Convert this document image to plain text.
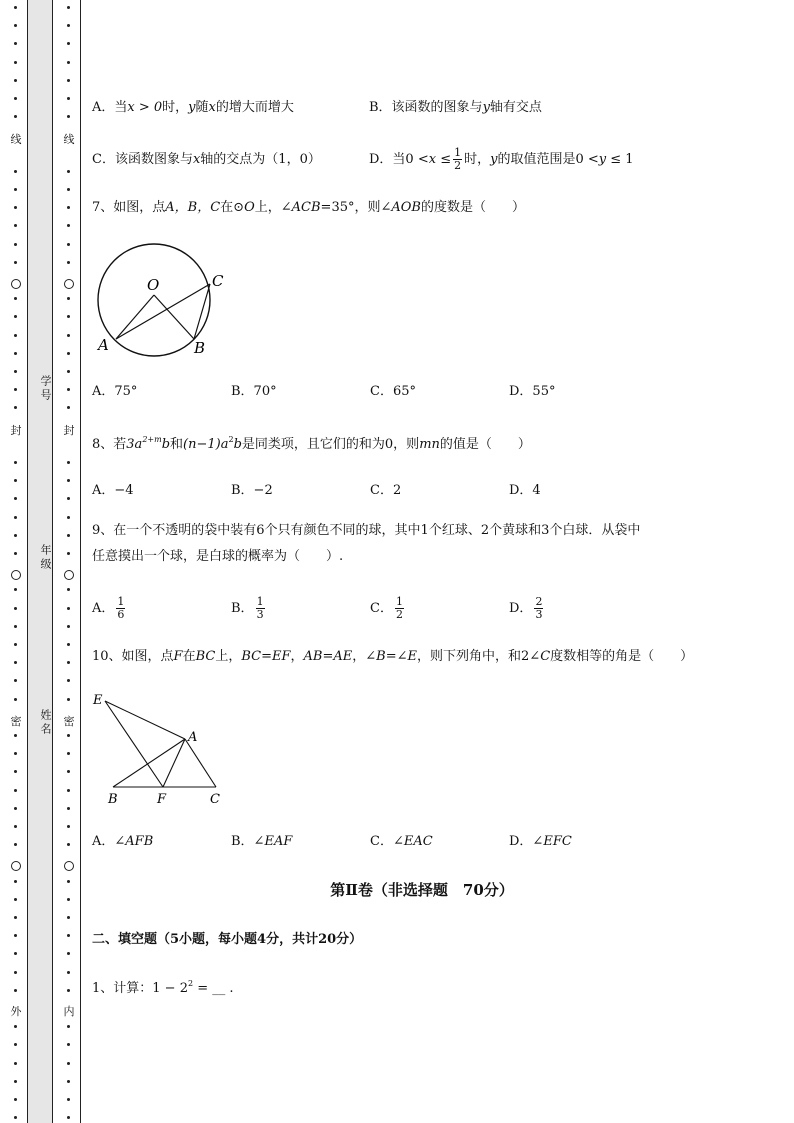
线
封
密
外
线
封
密
内
学号
年级
姓名
A．当x > 0时，y随x的增大而增大	B．该函数的图象与y轴有交点
C．该函数图象与x轴的交点为（1，0）	D．当$0 <x \le \frac{1}{2}$ 时，y的取值范围是0 <y ≤ 1
7、如图，点A，B，C在⊙O上，∠ACB=35°，则∠AOB的度数是（　　）
O	C
A	B
A．75°	B．70°	C．65°	D．55°
8、若$3a^{2+m}b$和$(n-1)a^2b$是同类项，且它们的和为0，则mn的值是（　　）
A．−4	B．−2	C．2	D．4
9、在一个不透明的袋中装有6个只有颜色不同的球，其中1个红球、2个黄球和3个白球．从袋中
任意摸出一个球，是白球的概率为（　　）.
A． $\frac{1}{6}$	B． $\frac{1}{3}$	C． $\frac{1}{2}$	D． $\frac{2}{3}$
10、如图，点F在BC上，BC=EF，AB=AE，∠B=∠E，则下列角中，和2∠C度数相等的角是（　　）
E
A
B	F	C
A．∠AFB	B．∠EAF	C．∠EAC	D．∠EFC
第Ⅱ卷（非选择题　70分）
二、填空题（5小题，每小题4分，共计20分）
1、计算：$1 - 2^2$ = __ .
